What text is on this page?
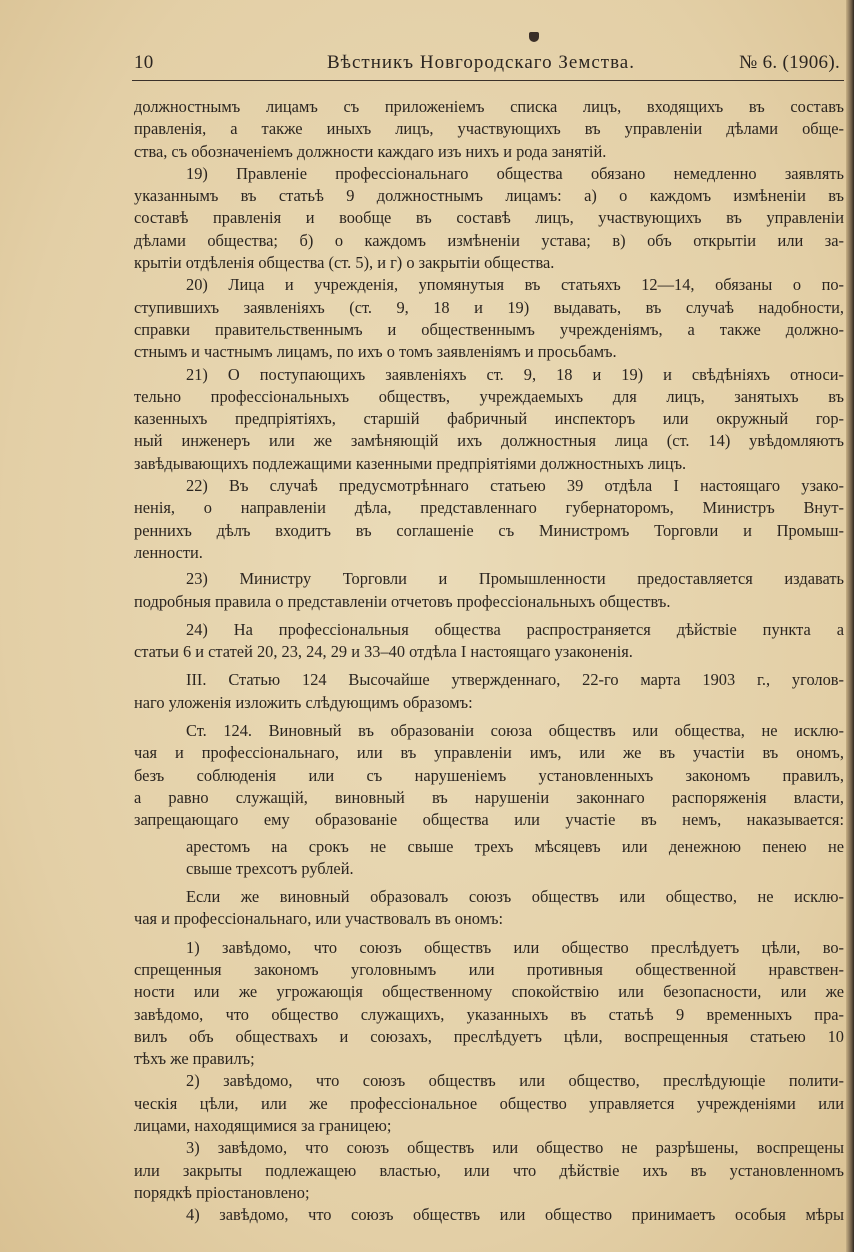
10	Вѣстникъ Новгородскаго Земства.	№ 6. (1906).

должностнымъ лицамъ съ приложенiемъ списка лицъ, входящихъ въ составъ

правленiя, а также иныхъ лицъ, участвующихъ въ управленiи дѣлами обще-

ства, съ обозначенiемъ должности каждаго изъ нихъ и рода занятiй.

19) Правленiе профессiональнаго общества обязано немедленно заявлять

указаннымъ въ статьѣ 9 должностнымъ лицамъ: а) о каждомъ измѣненiи въ

составѣ правленiя и вообще въ составѣ лицъ, участвующихъ въ управленiи

дѣлами общества; б) о каждомъ измѣненiи устава; в) объ открытiи или за-

крытiи отдѣленiя общества (ст. 5), и г) о закрытiи общества.

20) Лица и учрежденiя, упомянутыя въ статьяхъ 12—14, обязаны о по-

ступившихъ заявленiяхъ (ст. 9, 18 и 19) выдавать, въ случаѣ надобности,

справки правительственнымъ и общественнымъ учрежденiямъ, а также должно-

стнымъ и частнымъ лицамъ, по ихъ о томъ заявленiямъ и просьбамъ.

21) О поступающихъ заявленiяхъ ст. 9, 18 и 19) и свѣдѣнiяхъ относи-

тельно профессiональныхъ обществъ, учреждаемыхъ для лицъ, занятыхъ въ

казенныхъ предпрiятiяхъ, старшiй фабричный инспекторъ или окружный гор-

ный инженеръ или же замѣняющiй ихъ должностныя лица (ст. 14) увѣдомляютъ

завѣдывающихъ подлежащими казенными предпрiятiями должностныхъ лицъ.

22) Въ случаѣ предусмотрѣннаго статьею 39 отдѣла I настоящаго узако-

ненiя, о направленiи дѣла, представленнаго губернаторомъ, Министръ Внут-

реннихъ дѣлъ входитъ въ соглашенiе съ Министромъ Торговли и Промыш-

ленности.

23) Министру Торговли и Промышленности предоставляется издавать

подробныя правила о представленiи отчетовъ профессiональныхъ обществъ.

24) На профессiональныя общества распространяется дѣйствiе пункта а

статьи 6 и статей 20, 23, 24, 29 и 33–40 отдѣла I настоящаго узаконенiя.

III. Статью 124 Высочайше утвержденнаго, 22-го марта 1903 г., уголов-

наго уложенiя изложить слѣдующимъ образомъ:

Ст. 124. Виновный въ образованiи союза обществъ или общества, не исклю-

чая и профессiональнаго, или въ управленiи имъ, или же въ участiи въ ономъ,

безъ соблюденiя или съ нарушенiемъ установленныхъ закономъ правилъ,

а равно служащiй, виновный въ нарушенiи законнаго распоряженiя власти,

запрещающаго ему образованiе общества или участiе въ немъ, наказывается:

арестомъ на срокъ не свыше трехъ мѣсяцевъ или денежною пенею не

свыше трехсотъ рублей.

Если же виновный образовалъ союзъ обществъ или общество, не исклю-

чая и профессiональнаго, или участвовалъ въ ономъ:

1) завѣдомо, что союзъ обществъ или общество преслѣдуетъ цѣли, во-

спрещенныя закономъ уголовнымъ или противныя общественной нравствен-

ности или же угрожающiя общественному спокойствiю или безопасности, или же

завѣдомо, что общество служащихъ, указанныхъ въ статьѣ 9 временныхъ пра-

вилъ объ обществахъ и союзахъ, преслѣдуетъ цѣли, воспрещенныя статьею 10

тѣхъ же правилъ;

2) завѣдомо, что союзъ обществъ или общество, преслѣдующiе полити-

ческiя цѣли, или же профессiональное общество управляется учрежденiями или

лицами, находящимися за границею;

3) завѣдомо, что союзъ обществъ или общество не разрѣшены, воспрещены

или закрыты подлежащею властью, или что дѣйствiе ихъ въ установленномъ

порядкѣ прiостановлено;

4) завѣдомо, что союзъ обществъ или общество принимаетъ особыя мѣры
